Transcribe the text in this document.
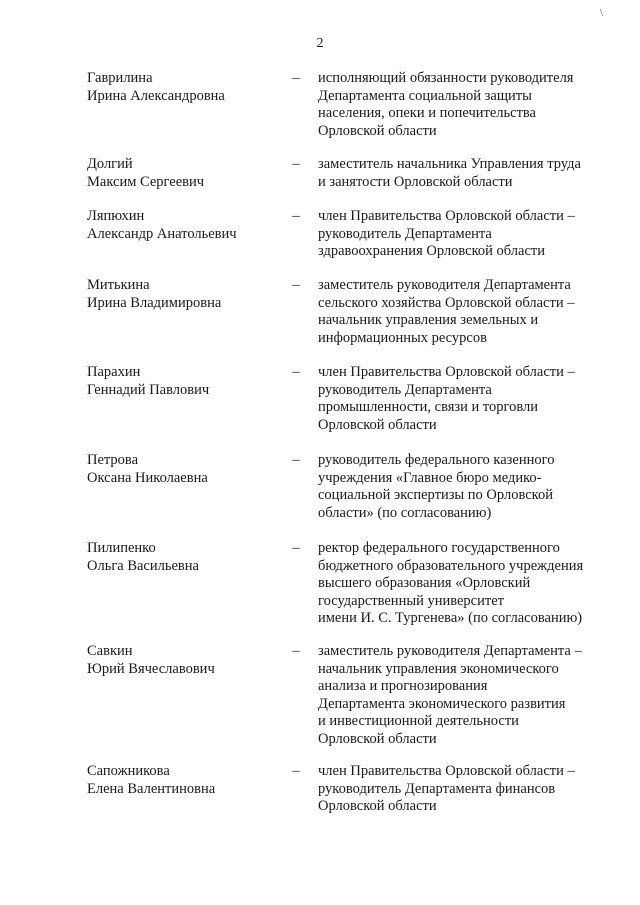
2
\
Гаврилина
Ирина Александровна
– исполняющий обязанности руководителя
Департамента социальной защиты
населения, опеки и попечительства
Орловской области
Долгий
Максим Сергеевич
– заместитель начальника Управления труда
и занятости Орловской области
Ляпюхин
Александр Анатольевич
– член Правительства Орловской области –
руководитель Департамента
здравоохранения Орловской области
Митькина
Ирина Владимировна
– заместитель руководителя Департамента
сельского хозяйства Орловской области –
начальник управления земельных и
информационных ресурсов
Парахин
Геннадий Павлович
– член Правительства Орловской области –
руководитель Департамента
промышленности, связи и торговли
Орловской области
Петрова
Оксана Николаевна
– руководитель федерального казенного
учреждения «Главное бюро медико-
социальной экспертизы по Орловской
области» (по согласованию)
Пилипенко
Ольга Васильевна
– ректор федерального государственного
бюджетного образовательного учреждения
высшего образования «Орловский
государственный университет
имени И. С. Тургенева» (по согласованию)
Савкин
Юрий Вячеславович
– заместитель руководителя Департамента –
начальник управления экономического
анализа и прогнозирования
Департамента экономического развития
и инвестиционной деятельности
Орловской области
Сапожникова
Елена Валентиновна
– член Правительства Орловской области –
руководитель Департамента финансов
Орловской области
